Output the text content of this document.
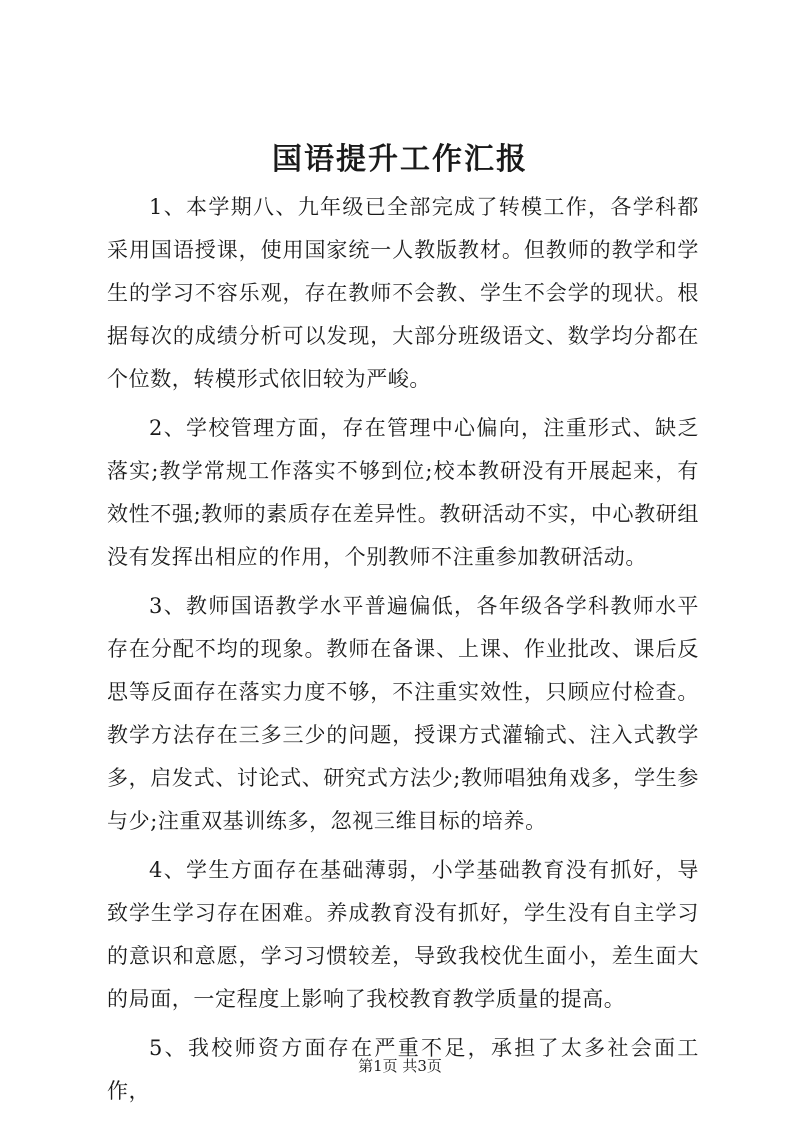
国语提升工作汇报

1、本学期八、九年级已全部完成了转模工作，各学科都采用国语授课，使用国家统一人教版教材。但教师的教学和学生的学习不容乐观，存在教师不会教、学生不会学的现状。根据每次的成绩分析可以发现，大部分班级语文、数学均分都在个位数，转模形式依旧较为严峻。

2、学校管理方面，存在管理中心偏向，注重形式、缺乏落实;教学常规工作落实不够到位;校本教研没有开展起来，有效性不强;教师的素质存在差异性。教研活动不实，中心教研组没有发挥出相应的作用，个别教师不注重参加教研活动。

3、教师国语教学水平普遍偏低，各年级各学科教师水平存在分配不均的现象。教师在备课、上课、作业批改、课后反思等反面存在落实力度不够，不注重实效性，只顾应付检查。教学方法存在三多三少的问题，授课方式灌输式、注入式教学多，启发式、讨论式、研究式方法少;教师唱独角戏多，学生参与少;注重双基训练多，忽视三维目标的培养。

4、学生方面存在基础薄弱，小学基础教育没有抓好，导致学生学习存在困难。养成教育没有抓好，学生没有自主学习的意识和意愿，学习习惯较差，导致我校优生面小，差生面大的局面，一定程度上影响了我校教育教学质量的提高。

5、我校师资方面存在严重不足，承担了太多社会面工作，

第1页 共3页
